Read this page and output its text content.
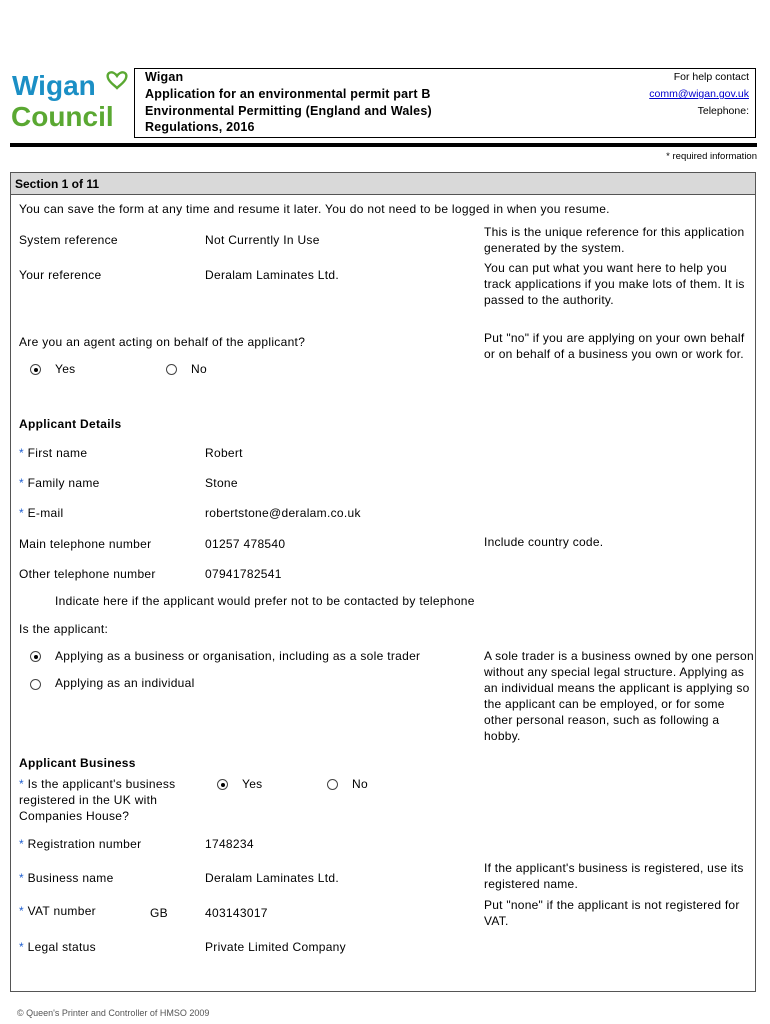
Wigan
Council
Wigan
Application for an environmental permit part B
Environmental Permitting (England and Wales)
Regulations, 2016
For help contact
comm@wigan.gov.uk
Telephone:
* required information
Section 1 of 11
You can save the form at any time and resume it later. You do not need to be logged in when you resume.
System reference	Not Currently In Use
This is the unique reference for this application generated by the system.
Your reference	Deralam Laminates Ltd.	You can put what you want here to help you track applications if you make lots of them. It is passed to the authority.
Are you an agent acting on behalf of the applicant?
Yes	No
Put "no" if you are applying on your own behalf or on behalf of a business you own or work for.
Applicant Details
* First name	Robert
* Family name	Stone
* E-mail	robertstone@deralam.co.uk
Main telephone number	01257 478540	Include country code.
Other telephone number	07941782541
Indicate here if the applicant would prefer not to be contacted by telephone
Is the applicant:
Applying as a business or organisation, including as a sole trader
Applying as an individual
A sole trader is a business owned by one person without any special legal structure. Applying as an individual means the applicant is applying so the applicant can be employed, or for some other personal reason, such as following a hobby.
Applicant Business
* Is the applicant's business
registered in the UK with
Companies House?
Yes	No
* Registration number	1748234
* Business name	Deralam Laminates Ltd.
If the applicant's business is registered, use its registered name.
* VAT number	GB	403143017
Put "none" if the applicant is not registered for VAT.
* Legal status	Private Limited Company
© Queen's Printer and Controller of HMSO 2009
